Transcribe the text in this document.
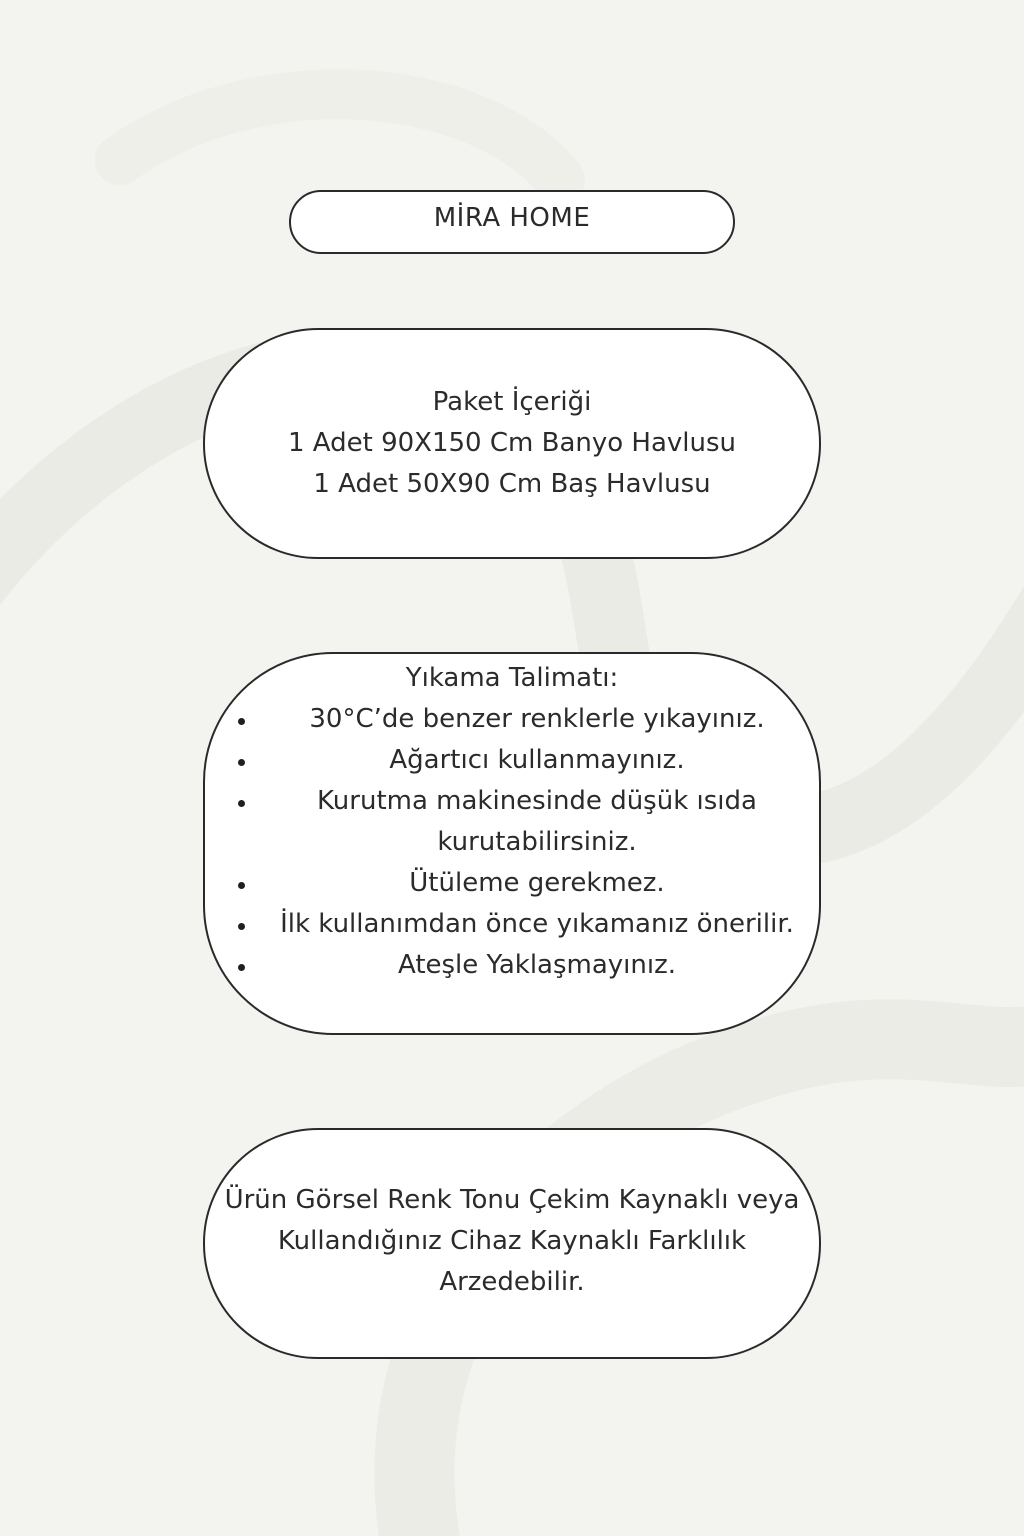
MİRA HOME
Paket İçeriği
1 Adet 90X150 Cm Banyo Havlusu
1 Adet 50X90 Cm Baş Havlusu
Yıkama Talimatı:
30°C’de benzer renklerle yıkayınız.
Ağartıcı kullanmayınız.
Kurutma makinesinde düşük ısıda kurutabilirsiniz.
Ütüleme gerekmez.
İlk kullanımdan önce yıkamanız önerilir.
Ateşle Yaklaşmayınız.
Ürün Görsel Renk Tonu Çekim Kaynaklı veya Kullandığınız Cihaz Kaynaklı Farklılık Arzedebilir.
